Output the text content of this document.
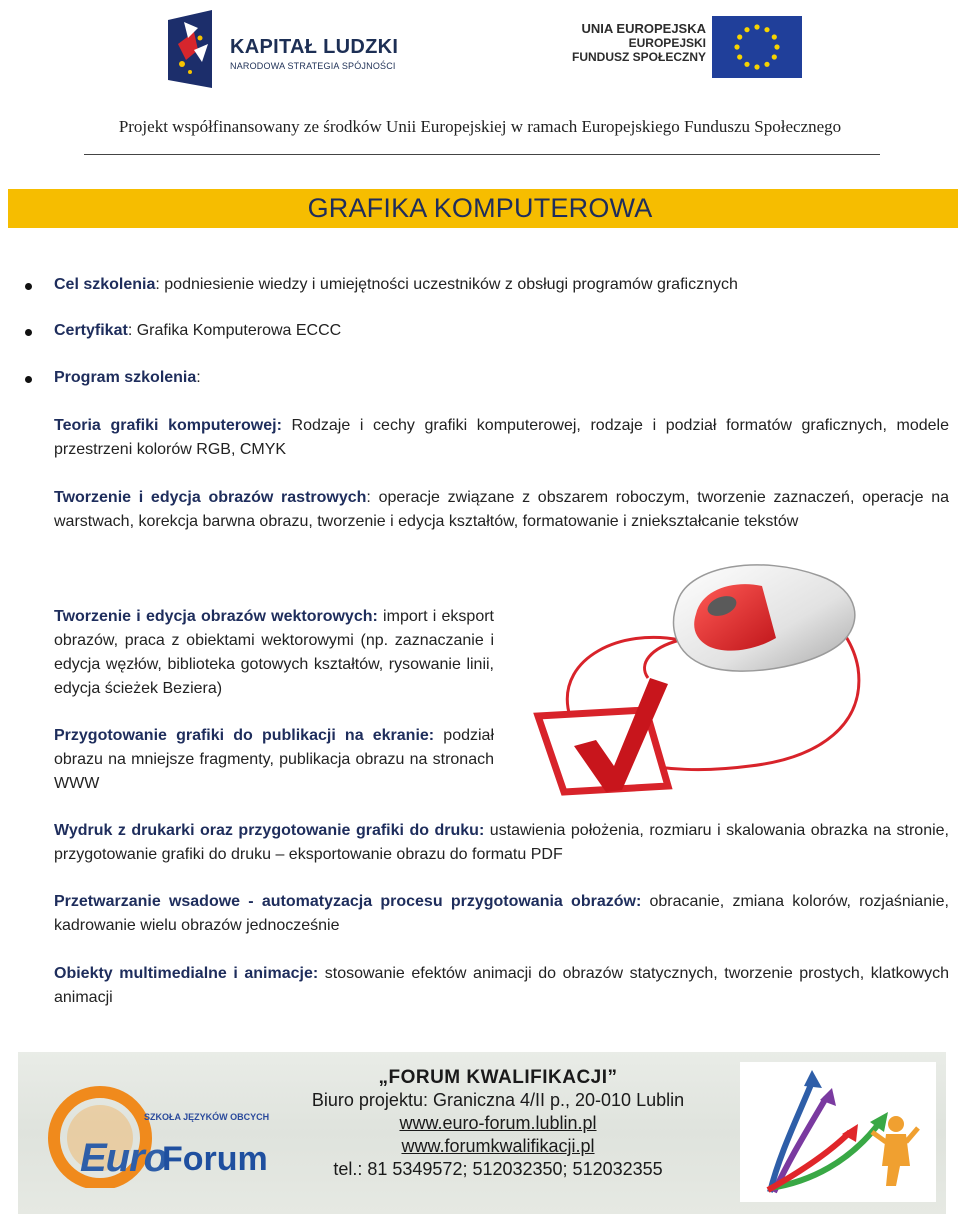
KAPITAŁ LUDZKI
NARODOWA STRATEGIA SPÓJNOŚCI
UNIA EUROPEJSKA
EUROPEJSKI
FUNDUSZ SPOŁECZNY
Projekt współfinansowany ze środków Unii Europejskiej w ramach Europejskiego Funduszu Społecznego
GRAFIKA KOMPUTEROWA
Cel szkolenia: podniesienie wiedzy i umiejętności uczestników z obsługi programów graficznych
Certyfikat: Grafika Komputerowa ECCC
Program szkolenia:
Teoria grafiki komputerowej: Rodzaje i cechy grafiki komputerowej, rodzaje i podział formatów graficznych, modele przestrzeni kolorów RGB, CMYK
Tworzenie i edycja obrazów rastrowych: operacje związane z obszarem roboczym, tworzenie zaznaczeń, operacje na warstwach, korekcja barwna obrazu, tworzenie i edycja kształtów, formatowanie i zniekształcanie tekstów
Tworzenie i edycja obrazów wektorowych: import i eksport obrazów, praca z obiektami wektorowymi (np. zaznaczanie i edycja węzłów, biblioteka gotowych kształtów, rysowanie linii, edycja ścieżek Beziera)
Przygotowanie grafiki do publikacji na ekranie: podział obrazu na mniejsze fragmenty, publikacja obrazu na stronach WWW
Wydruk z drukarki oraz przygotowanie grafiki do druku: ustawienia położenia, rozmiaru i skalowania obrazka na stronie, przygotowanie grafiki do druku – eksportowanie obrazu do formatu PDF
Przetwarzanie wsadowe - automatyzacja procesu przygotowania obrazów: obracanie, zmiana kolorów, rozjaśnianie, kadrowanie wielu obrazów jednocześnie
Obiekty multimedialne i animacje: stosowanie efektów animacji do obrazów statycznych, tworzenie prostych, klatkowych animacji
SZKOŁA JĘZYKÓW OBCYCH
Euro
Forum
„FORUM KWALIFIKACJI”
Biuro projektu: Graniczna 4/II p., 20-010 Lublin
www.euro-forum.lublin.pl
www.forumkwalifikacji.pl
tel.: 81 5349572; 512032350; 512032355
